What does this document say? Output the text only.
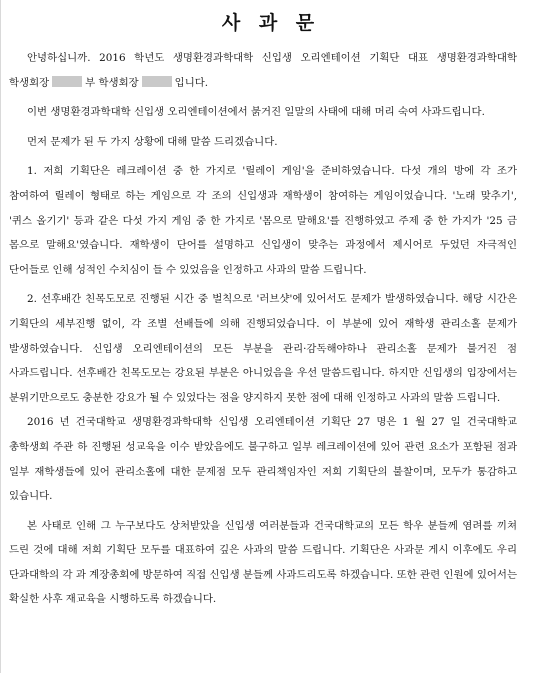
사 과 문

안녕하십니까. 2016 학년도 생명환경과학대학 신입생 오리엔테이션 기획단 대표 생명환경과학대학 학생회장	부 학생회장	입니다.

이번 생명환경과학대학 신입생 오리엔테이션에서 붉거진 일말의 사태에 대해 머리 숙여 사과드립니다.

먼저 문제가 된 두 가지 상황에 대해 말씀 드리겠습니다.

1. 저희 기획단은 레크레이션 중 한 가지로 '릴레이 게임'을 준비하였습니다. 다섯 개의 방에 각 조가 참여하여 릴레이 형태로 하는 게임으로 각 조의 신입생과 재학생이 참여하는 게임이었습니다. '노래 맞추기', '퀴스 올기기' 등과 같은 다섯 가지 게임 중 한 가지로 '몸으로 말해요'를 진행하였고 주제 중 한 가지가 '25 금 몸으로 말해요'였습니다. 재학생이 단어를 설명하고 신입생이 맞추는 과정에서 제시어로 두었던 자극적인 단어들로 인해 성적인 수치심이 들 수 있었음을 인정하고 사과의 말씀 드립니다.

2. 선후배간 친목도모로 진행된 시간 중 벌칙으로 '러브샷'에 있어서도 문제가 발생하였습니다. 해당 시간은 기획단의 세부진행 없이, 각 조별 선배들에 의해 진행되었습니다. 이 부분에 있어 재학생 관리소홀 문제가 발생하였습니다. 신입생 오리엔테이션의 모든 부분을 관리·감독해야하나 관리소홀 문제가 불거진 점 사과드립니다. 선후배간 친목도모는 강요된 부분은 아니었음을 우선 말씀드립니다. 하지만 신입생의 입장에서는 분위기만으로도 충분한 강요가 될 수 있었다는 점을 양지하지 못한 점에 대해 인정하고 사과의 말씀 드립니다.

2016 년 건국대학교 생명환경과학대학 신입생 오리엔테이션 기획단 27 명은 1 월 27 일 건국대학교 총학생회 주관 하 진행된 성교육을 이수 받았음에도 불구하고 일부 레크레이션에 있어 관련 요소가 포함된 점과 일부 재학생들에 있어 관리소홀에 대한 문제점 모두 관리책임자인 저희 기획단의 불찰이며, 모두가 통감하고 있습니다.

본 사태로 인해 그 누구보다도 상처받았을 신입생 여러분들과 건국대학교의 모든 학우 분들께 염려를 끼쳐 드린 것에 대해 저희 기획단 모두를 대표하여 깊은 사과의 말씀 드립니다. 기획단은 사과문 게시 이후에도 우리 단과대학의 각 과 계장총회에 방문하여 직접 신입생 분들께 사과드리도록 하겠습니다. 또한 관련 인원에 있어서는 확실한 사후 재교육을 시행하도록 하겠습니다.
